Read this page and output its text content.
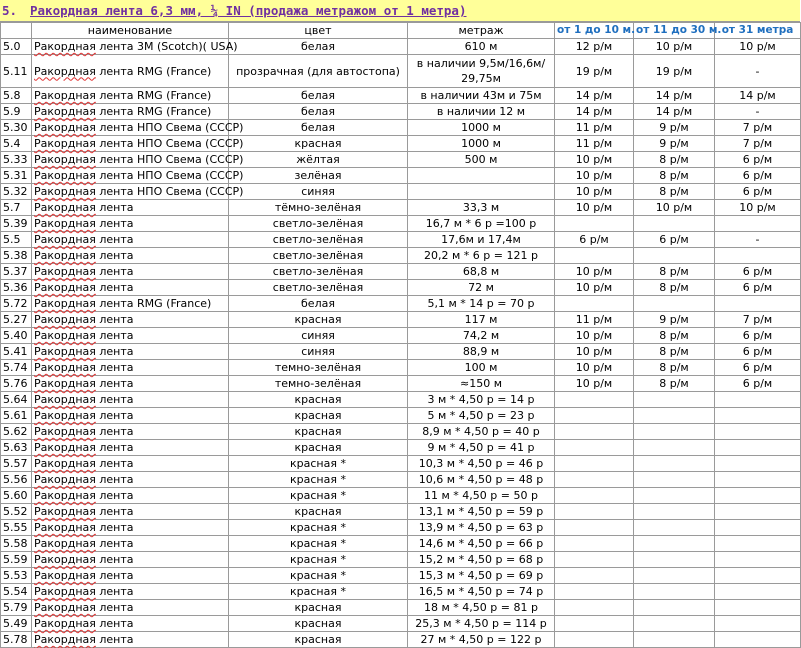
5. Ракордная лента 6,3 мм, ¼ IN (продажа метражом от 1 метра)
	наименование	цвет	метраж	от 1 до 10 м.	от 11 до 30 м.	от 31 метра
5.0	Ракордная лента 3M (Scotch)( USA)	белая	610 м	12 р/м	10 р/м	10 р/м
5.11	Ракордная лента RMG (France)	прозрачная (для автостопа)	в наличии 9,5м/16,6м/ 29,75м	19 р/м	19 р/м	-
5.8	Ракордная лента RMG (France)	белая	в наличии 43м и 75м	14 р/м	14 р/м	14 р/м
5.9	Ракордная лента RMG (France)	белая	в наличии 12 м	14 р/м	14 р/м	-
5.30	Ракордная лента НПО Свема (СССР)	белая	1000 м	11 р/м	9 р/м	7 р/м
5.4	Ракордная лента НПО Свема (СССР)	красная	1000 м	11 р/м	9 р/м	7 р/м
5.33	Ракордная лента НПО Свема (СССР)	жёлтая	500 м	10 р/м	8 р/м	6 р/м
5.31	Ракордная лента НПО Свема (СССР)	зелёная		10 р/м	8 р/м	6 р/м
5.32	Ракордная лента НПО Свема (СССР)	синяя		10 р/м	8 р/м	6 р/м
5.7	Ракордная лента	тёмно-зелёная	33,3 м	10 р/м	10 р/м	10 р/м
5.39	Ракордная лента	светло-зелёная	16,7 м * 6 р =100 р			
5.5	Ракордная лента	светло-зелёная	17,6м и 17,4м	6 р/м	6 р/м	-
5.38	Ракордная лента	светло-зелёная	20,2 м * 6 р = 121 р			
5.37	Ракордная лента	светло-зелёная	68,8 м	10 р/м	8 р/м	6 р/м
5.36	Ракордная лента	светло-зелёная	72 м	10 р/м	8 р/м	6 р/м
5.72	Ракордная лента RMG (France)	белая	5,1 м * 14 р = 70 р			
5.27	Ракордная лента	красная	117 м	11 р/м	9 р/м	7 р/м
5.40	Ракордная лента	синяя	74,2 м	10 р/м	8 р/м	6 р/м
5.41	Ракордная лента	синяя	88,9 м	10 р/м	8 р/м	6 р/м
5.74	Ракордная лента	темно-зелёная	100 м	10 р/м	8 р/м	6 р/м
5.76	Ракордная лента	темно-зелёная	≈150 м	10 р/м	8 р/м	6 р/м
5.64	Ракордная лента	красная	3 м * 4,50 р = 14 р			
5.61	Ракордная лента	красная	5 м * 4,50 р = 23 р			
5.62	Ракордная лента	красная	8,9 м * 4,50 р = 40 р			
5.63	Ракордная лента	красная	9 м * 4,50 р = 41 р			
5.57	Ракордная лента	красная *	10,3 м * 4,50 р = 46 р			
5.56	Ракордная лента	красная *	10,6 м * 4,50 р = 48 р			
5.60	Ракордная лента	красная *	11 м * 4,50 р = 50 р			
5.52	Ракордная лента	красная	13,1 м * 4,50 р = 59 р			
5.55	Ракордная лента	красная *	13,9 м * 4,50 р = 63 р			
5.58	Ракордная лента	красная *	14,6 м * 4,50 р = 66 р			
5.59	Ракордная лента	красная *	15,2 м * 4,50 р = 68 р			
5.53	Ракордная лента	красная *	15,3 м * 4,50 р = 69 р			
5.54	Ракордная лента	красная *	16,5 м * 4,50 р = 74 р			
5.79	Ракордная лента	красная	18 м * 4,50 р = 81 р			
5.49	Ракордная лента	красная	25,3 м * 4,50 р = 114 р			
5.78	Ракордная лента	красная	27 м * 4,50 р = 122 р			
